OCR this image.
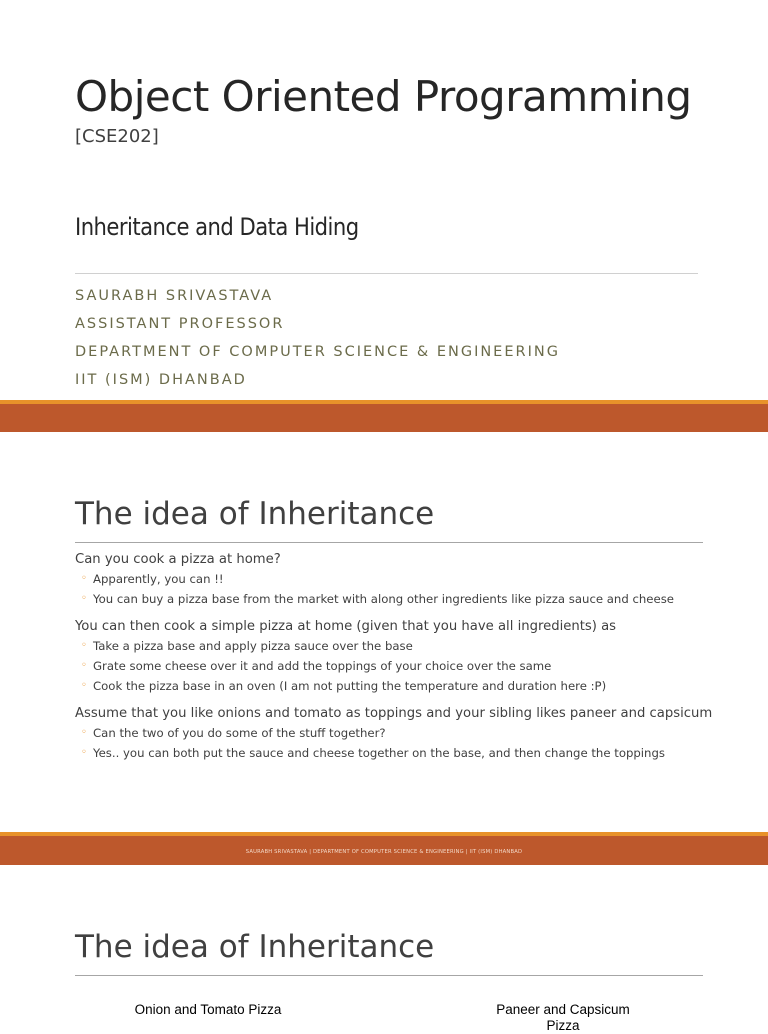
Object Oriented Programming
[CSE202]
Inheritance and Data Hiding
SAURABH SRIVASTAVA
ASSISTANT PROFESSOR
DEPARTMENT OF COMPUTER SCIENCE & ENGINEERING
IIT (ISM) DHANBAD
The idea of Inheritance
Can you cook a pizza at home?
◦ Apparently, you can !!
◦ You can buy a pizza base from the market with along other ingredients like pizza sauce and cheese
You can then cook a simple pizza at home (given that you have all ingredients) as
◦ Take a pizza base and apply pizza sauce over the base
◦ Grate some cheese over it and add the toppings of your choice over the same
◦ Cook the pizza base in an oven (I am not putting the temperature and duration here :P)
Assume that you like onions and tomato as toppings and your sibling likes paneer and capsicum
◦ Can the two of you do some of the stuff together?
◦ Yes.. you can both put the sauce and cheese together on the base, and then change the toppings
SAURABH SRIVASTAVA | DEPARTMENT OF COMPUTER SCIENCE & ENGINEERING | IIT (ISM) DHANBAD
The idea of Inheritance
Onion and Tomato Pizza	Paneer and Capsicum Pizza
